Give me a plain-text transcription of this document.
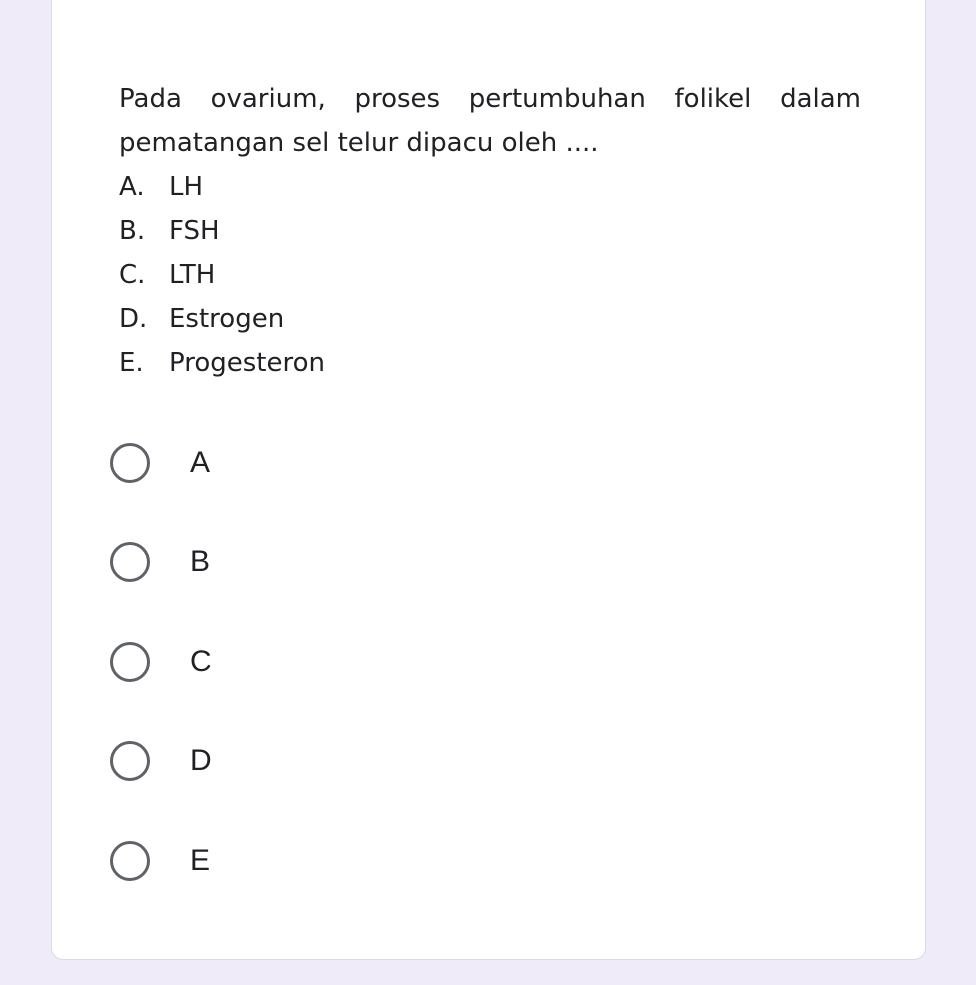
Pada ovarium, proses pertumbuhan folikel dalam pematangan sel telur dipacu oleh ....

A. LH
B. FSH
C. LTH
D. Estrogen
E. Progesteron
A
B
C
D
E
